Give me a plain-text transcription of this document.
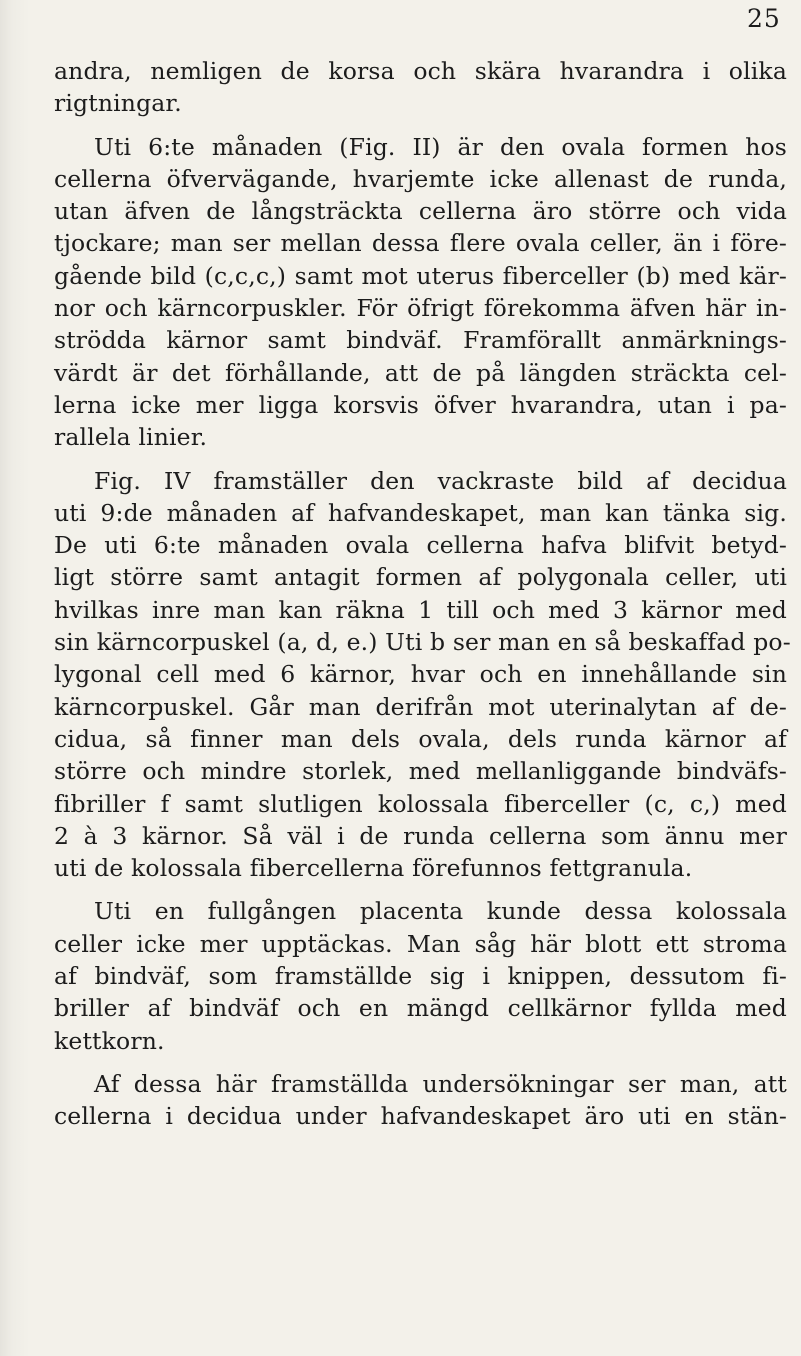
25
andra, nemligen de korsa och skära hvarandra i olika
rigtningar.
Uti 6:te månaden (Fig. II) är den ovala formen hos
cellerna öfvervägande, hvarjemte icke allenast de runda,
utan äfven de långsträckta cellerna äro större och vida
tjockare; man ser mellan dessa flere ovala celler, än i före-
gående bild (c,c,c,) samt mot uterus fiberceller (b) med kär-
nor och kärncorpuskler. För öfrigt förekomma äfven här in-
strödda kärnor samt bindväf. Framförallt anmärknings-
värdt är det förhållande, att de på längden sträckta cel-
lerna icke mer ligga korsvis öfver hvarandra, utan i pa-
rallela linier.
Fig. IV framställer den vackraste bild af decidua
uti 9:de månaden af hafvandeskapet, man kan tänka sig.
De uti 6:te månaden ovala cellerna hafva blifvit betyd-
ligt större samt antagit formen af polygonala celler, uti
hvilkas inre man kan räkna 1 till och med 3 kärnor med
sin kärncorpuskel (a, d, e.) Uti b ser man en så beskaffad po-
lygonal cell med 6 kärnor, hvar och en innehållande sin
kärncorpuskel. Går man derifrån mot uterinalytan af de-
cidua, så finner man dels ovala, dels runda kärnor af
större och mindre storlek, med mellanliggande bindväfs-
fibriller f samt slutligen kolossala fiberceller (c, c,) med
2 à 3 kärnor. Så väl i de runda cellerna som ännu mer
uti de kolossala fibercellerna förefunnos fettgranula.
Uti en fullgången placenta kunde dessa kolossala
celler icke mer upptäckas. Man såg här blott ett stroma
af bindväf, som framställde sig i knippen, dessutom fi-
briller af bindväf och en mängd cellkärnor fyllda med
kettkorn.
Af dessa här framställda undersökningar ser man, att
cellerna i decidua under hafvandeskapet äro uti en stän-
